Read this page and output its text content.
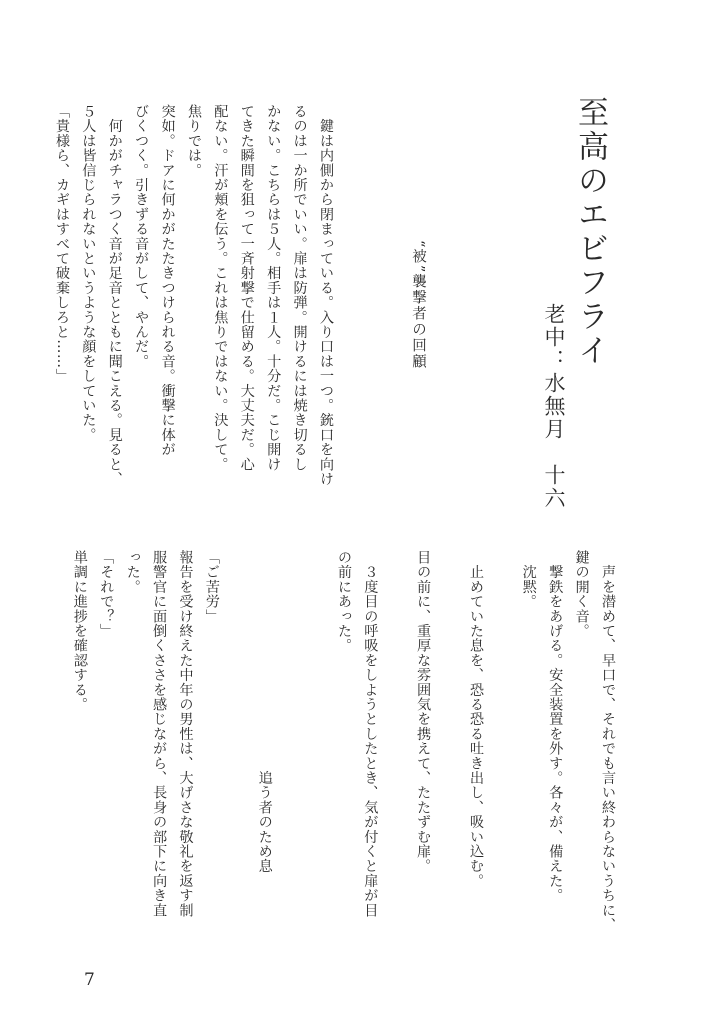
至高のエビフライ
老中：水無月　十六
“被”襲撃者の回顧
　鍵は内側から閉まっている。入り口は一つ。銃口を向け
るのは一か所でいい。扉は防弾。開けるには焼き切るし
かない。こちらは５人。相手は１人。十分だ。こじ開け
てきた瞬間を狙って一斉射撃で仕留める。大丈夫だ。心
配ない。汗が頬を伝う。これは焦りではない。決して。
焦りでは。
突如。ドアに何かがたたきつけられる音。衝撃に体が
びくつく。引きずる音がして、やんだ。
　何かがチャラつく音が足音とともに聞こえる。見ると、
５人は皆信じられないというような顔をしていた。
「貴様ら、カギはすべて破棄しろと……」
　声を潜めて、早口で、それでも言い終わらないうちに、
鍵の開く音。
　撃鉄をあげる。安全装置を外す。各々が、備えた。
　沈黙。

　止めていた息を、恐る恐る吐き出し、吸い込む。

目の前に、重厚な雰囲気を携えて、たたずむ扉。

　３度目の呼吸をしようとしたとき、気が付くと扉が目
の前にあった。

　　　　　　　　　　　　　　　追う者のため息

「ご苦労」
報告を受け終えた中年の男性は、大げさな敬礼を返す制
服警官に面倒くささを感じながら、長身の部下に向き直
った。
「それで？」
単調に進捗を確認する。
7
